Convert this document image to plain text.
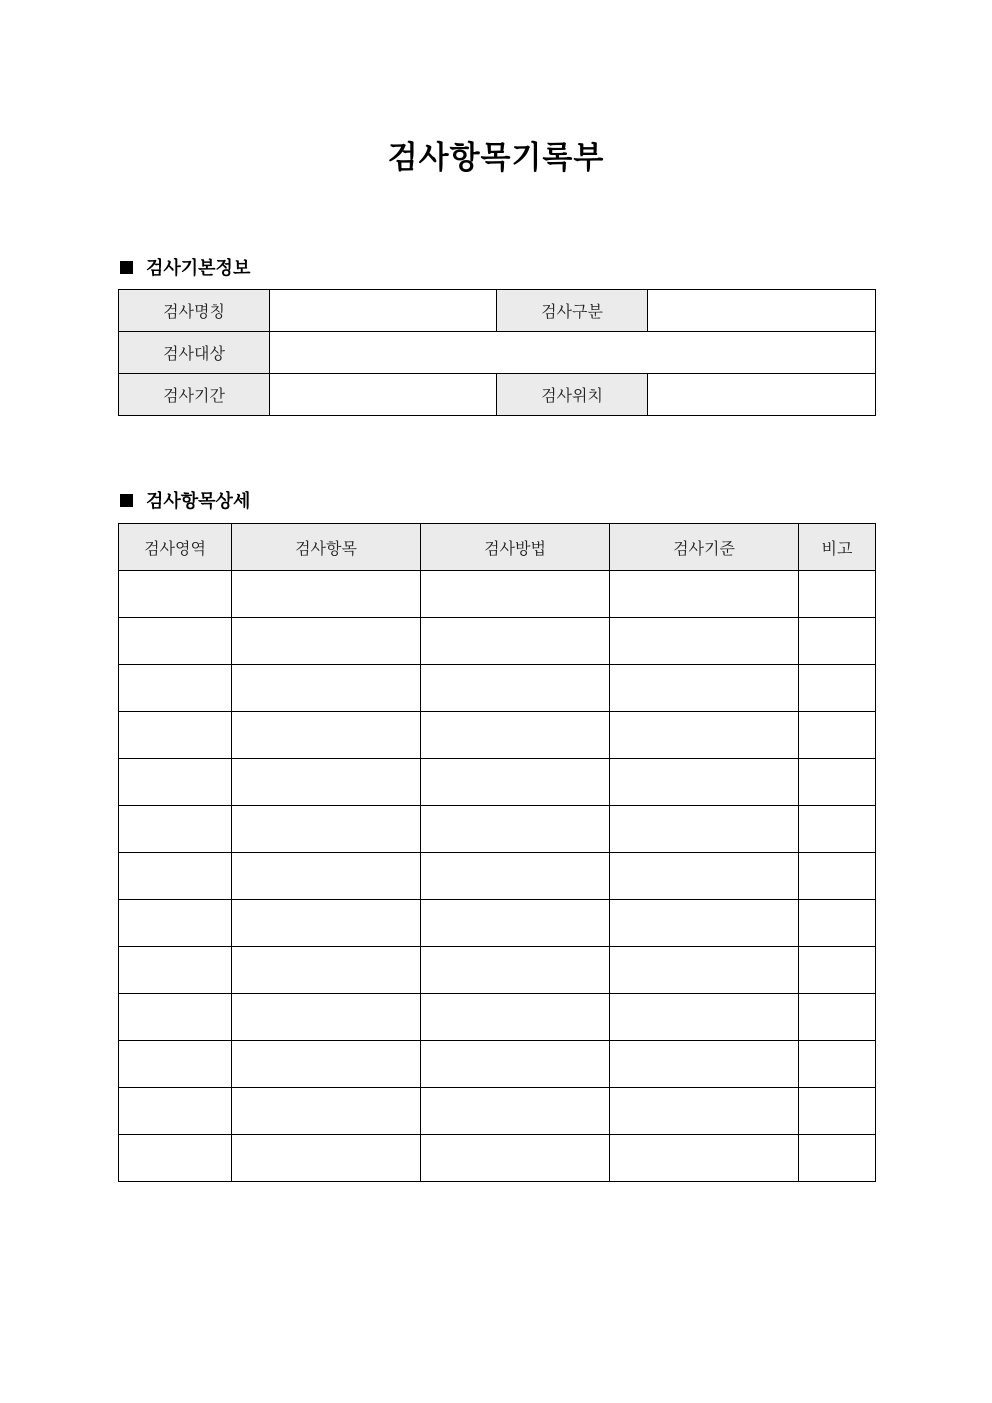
검사항목기록부
검사기본정보
검사명칭		검사구분	
검사대상			
검사기간		검사위치	
검사항목상세
검사영역	검사항목	검사방법	검사기준	비고
